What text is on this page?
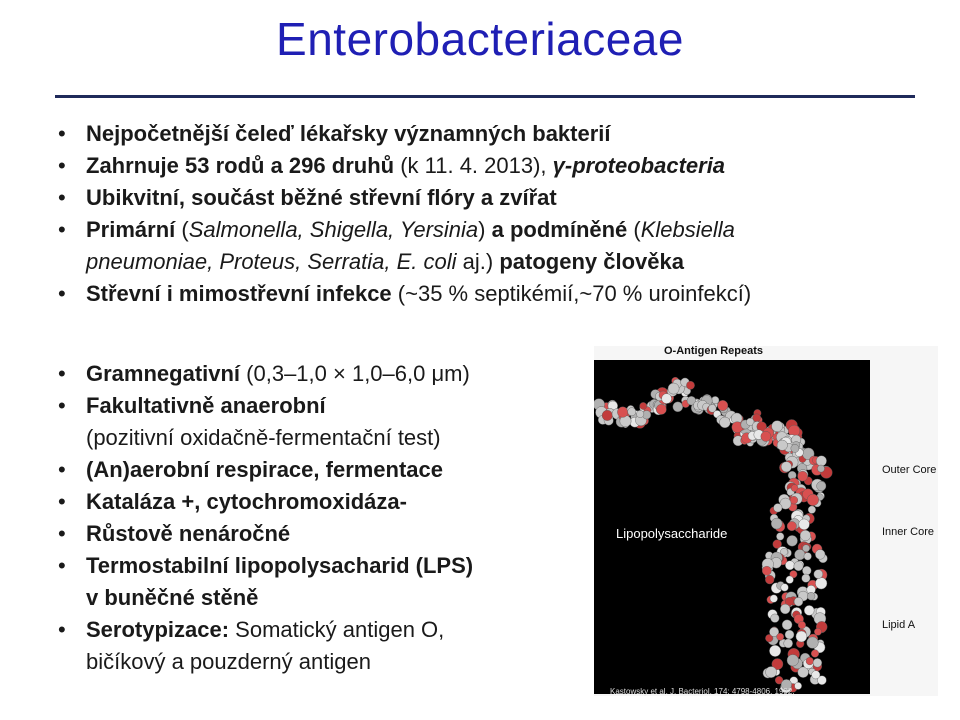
Enterobacteriaceae
• Nejpočetnější čeleď lékařsky významných bakterií
• Zahrnuje 53 rodů a 296 druhů (k 11. 4. 2013), γ-proteobacteria
• Ubikvitní, součást běžné střevní flóry a zvířat
• Primární (Salmonella, Shigella, Yersinia) a podmíněné (Klebsiella
pneumoniae, Proteus, Serratia, E. coli aj.) patogeny člověka
• Střevní i mimostřevní infekce (~35 % septikémií,~70 % uroinfekcí)
• Gramnegativní (0,3–1,0 × 1,0–6,0 μm)
• Fakultativně anaerobní
(pozitivní oxidačně-fermentační test)
• (An)aerobní respirace, fermentace
• Kataláza +, cytochromoxidáza-
• Růstově nenáročné
• Termostabilní lipopolysacharid (LPS)
v buněčné stěně
• Serotypizace: Somatický antigen O,
bičíkový a pouzderný antigen
O-Antigen Repeats
Lipopolysaccharide
Kastowsky et al. J. Bacteriol. 174: 4798-4806. 1992.
Outer Core
Inner Core
Lipid A
